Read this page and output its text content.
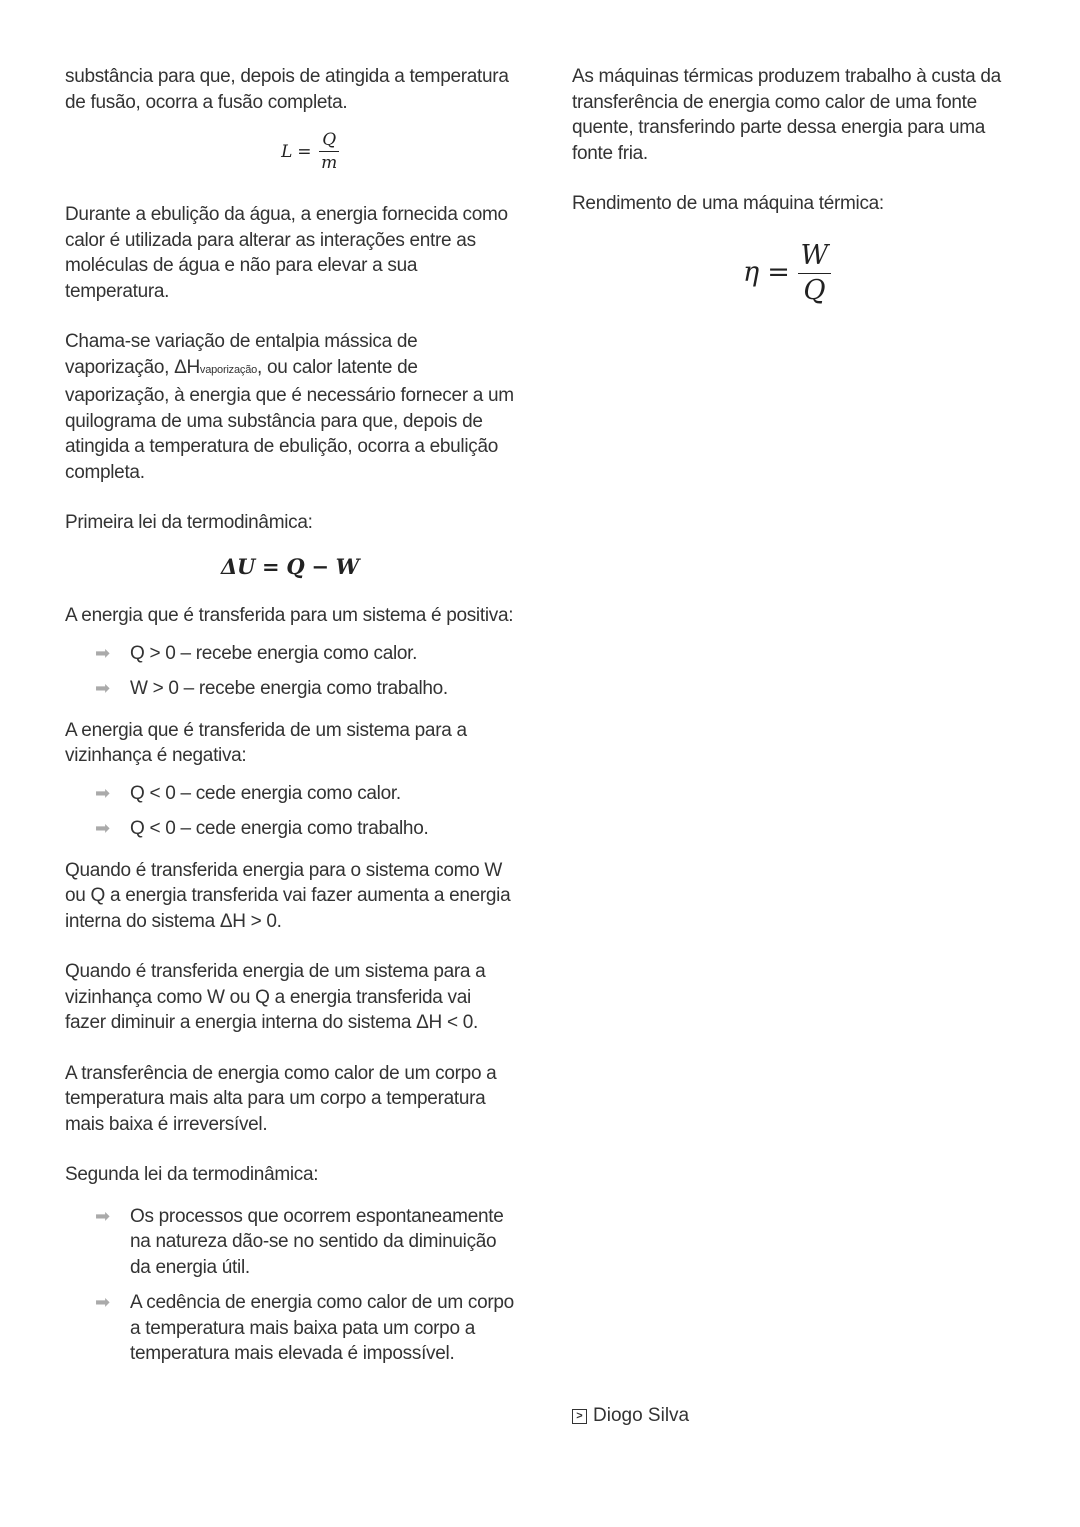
substância para que, depois de atingida a temperatura de fusão, ocorra a fusão completa.

$L = \frac{Q}{m}$

Durante a ebulição da água, a energia fornecida como calor é utilizada para alterar as interações entre as moléculas de água e não para elevar a sua temperatura.

Chama-se variação de entalpia mássica de vaporização, ΔHvaporização, ou calor latente de vaporização, à energia que é necessário fornecer a um quilograma de uma substância para que, depois de atingida a temperatura de ebulição, ocorra a ebulição completa.

Primeira lei da termodinâmica:

ΔU = Q − W

A energia que é transferida para um sistema é positiva:

➡	Q > 0 – recebe energia como calor.
➡	W > 0 – recebe energia como trabalho.

A energia que é transferida de um sistema para a vizinhança é negativa:

➡	Q < 0 – cede energia como calor.
➡	Q < 0 – cede energia como trabalho.

Quando é transferida energia para o sistema como W ou Q a energia transferida vai fazer aumenta a energia interna do sistema ΔH > 0.

Quando é transferida energia de um sistema para a vizinhança como W ou Q a energia transferida vai fazer diminuir a energia interna do sistema ΔH < 0.

A transferência de energia como calor de um corpo a temperatura mais alta para um corpo a temperatura mais baixa é irreversível.

Segunda lei da termodinâmica:

➡	Os processos que ocorrem espontaneamente na natureza dão-se no sentido da diminuição da energia útil.
➡	A cedência de energia como calor de um corpo a temperatura mais baixa pata um corpo a temperatura mais elevada é impossível.

As máquinas térmicas produzem trabalho à custa da transferência de energia como calor de uma fonte quente, transferindo parte dessa energia para uma fonte fria.

Rendimento de uma máquina térmica:

$\eta = \frac{W}{Q}$
> Diogo Silva
